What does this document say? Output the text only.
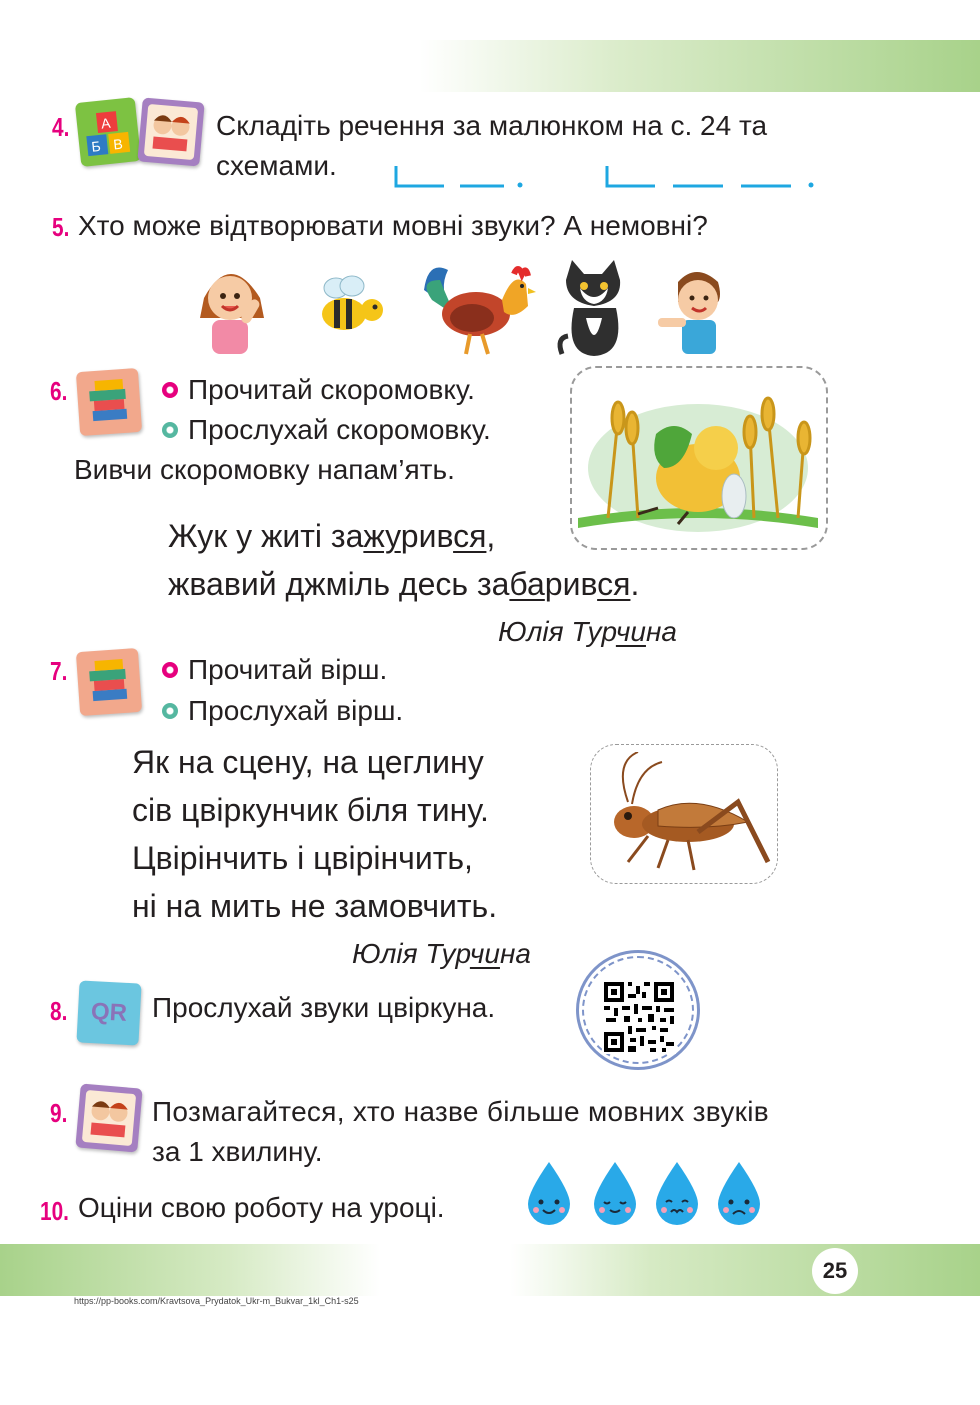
25
https://pp-books.com/Kravtsova_Prydatok_Ukr-m_Bukvar_1kl_Ch1-s25
4.
Б В
А	Складіть речення за малюнком на с. 24 та
схемами.
5. Хто може відтворювати мовні звуки? А немовні?
6.	Прочитай скоромовку.
Прослухай скоромовку.
Вивчи скоромовку напам’ять.
Жук у житі зажурився,
жвавий джміль десь забарився.
Юлія Турчина
7.	Прочитай вірш.
Прослухай вірш.
Як на сцену, на цеглину
сів цвіркунчик біля тину.
Цвірінчить і цвірінчить,
ні на мить не замовчить.
Юлія Турчина
8. QR Прослухай звуки цвіркуна.
9.	Позмагайтеся, хто назве більше мовних звуків
за 1 хвилину.
10. Оціни свою роботу на уроці.
